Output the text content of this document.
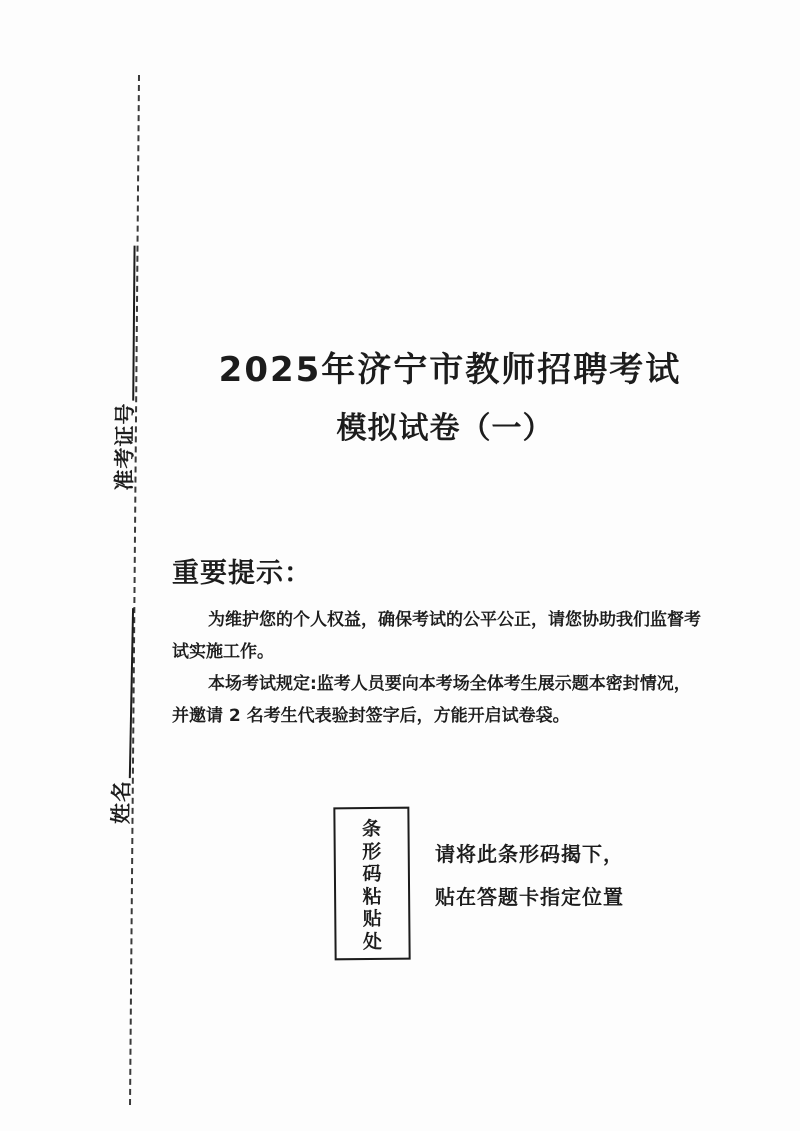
准考证号
姓名
2025年济宁市教师招聘考试
模拟试卷（一）
重要提示：
为维护您的个人权益，确保考试的公平公正，请您协助我们监督考
试实施工作。
本场考试规定:监考人员要向本考场全体考生展示题本密封情况，
并邀请 2 名考生代表验封签字后，方能开启试卷袋。
条形码粘贴处
请将此条形码揭下，
贴在答题卡指定位置
